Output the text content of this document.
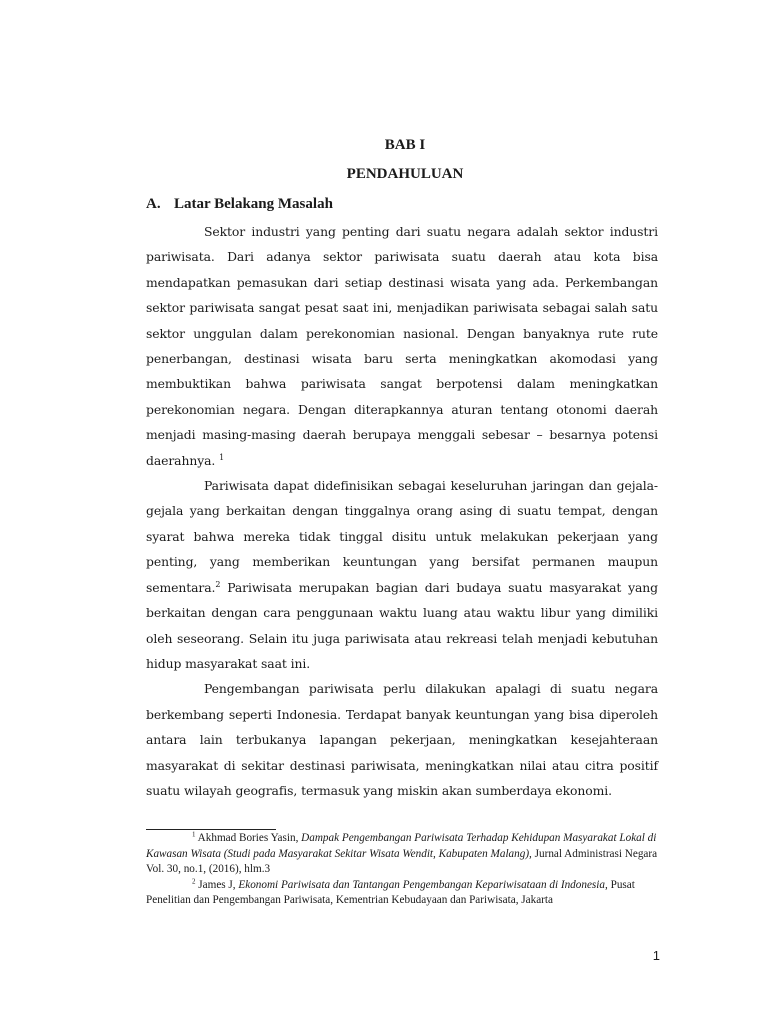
BAB I
PENDAHULUAN
A. Latar Belakang Masalah

Sektor industri yang penting dari suatu negara adalah sektor industri pariwisata. Dari adanya sektor pariwisata suatu daerah atau kota bisa mendapatkan pemasukan dari setiap destinasi wisata yang ada. Perkembangan sektor pariwisata sangat pesat saat ini, menjadikan pariwisata sebagai salah satu sektor unggulan dalam perekonomian nasional. Dengan banyaknya rute rute penerbangan, destinasi wisata baru serta meningkatkan akomodasi yang membuktikan bahwa pariwisata sangat berpotensi dalam meningkatkan perekonomian negara. Dengan diterapkannya aturan tentang otonomi daerah menjadi masing-masing daerah berupaya menggali sebesar – besarnya potensi daerahnya. $^1$

Pariwisata dapat didefinisikan sebagai keseluruhan jaringan dan gejala-gejala yang berkaitan dengan tinggalnya orang asing di suatu tempat, dengan syarat bahwa mereka tidak tinggal disitu untuk melakukan pekerjaan yang penting, yang memberikan keuntungan yang bersifat permanen maupun sementara.$^2$ Pariwisata merupakan bagian dari budaya suatu masyarakat yang berkaitan dengan cara penggunaan waktu luang atau waktu libur yang dimiliki oleh seseorang. Selain itu juga pariwisata atau rekreasi telah menjadi kebutuhan hidup masyarakat saat ini.

Pengembangan pariwisata perlu dilakukan apalagi di suatu negara berkembang seperti Indonesia. Terdapat banyak keuntungan yang bisa diperoleh antara lain terbukanya lapangan pekerjaan, meningkatkan kesejahteraan masyarakat di sekitar destinasi pariwisata, meningkatkan nilai atau citra positif suatu wilayah geografis, termasuk yang miskin akan sumberdaya ekonomi.

$^1$ Akhmad Bories Yasin, Dampak Pengembangan Pariwisata Terhadap Kehidupan Masyarakat Lokal di Kawasan Wisata (Studi pada Masyarakat Sekitar Wisata Wendit, Kabupaten Malang), Jurnal Administrasi Negara Vol. 30, no.1, (2016), hlm.3

$^2$ James J, Ekonomi Pariwisata dan Tantangan Pengembangan Kepariwisataan di Indonesia, Pusat Penelitian dan Pengembangan Pariwisata, Kementrian Kebudayaan dan Pariwisata, Jakarta

1
